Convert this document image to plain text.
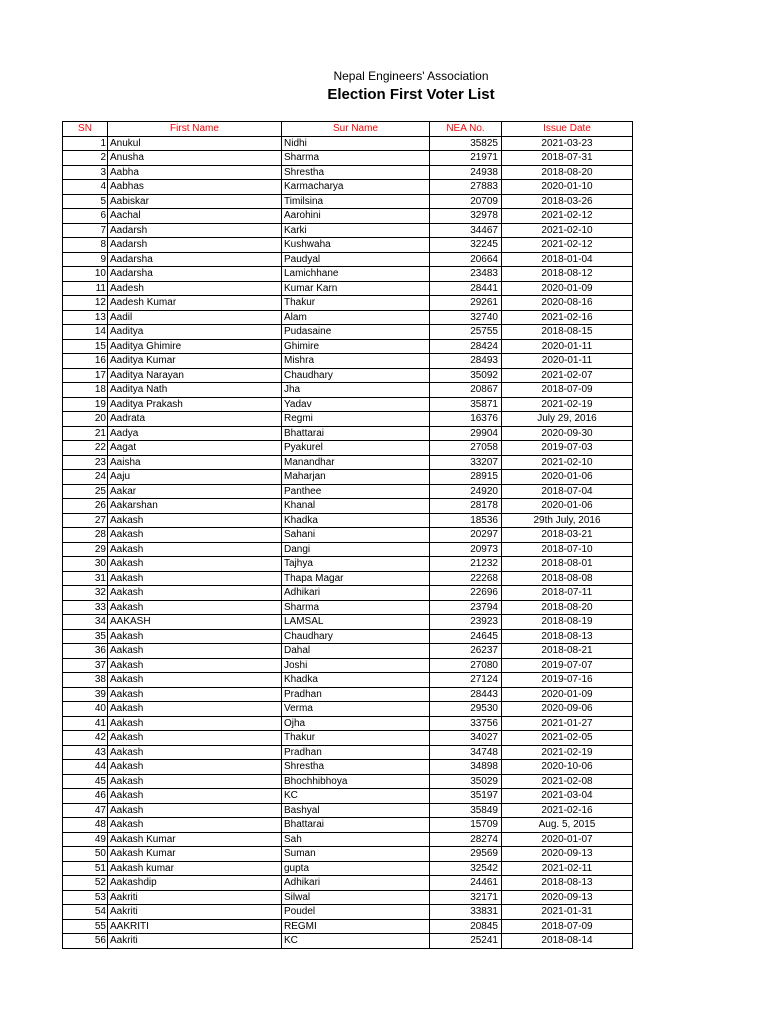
Nepal Engineers' Association
Election First Voter List
SN	First Name	Sur Name	NEA No.	Issue Date
1	Anukul	Nidhi	35825	2021-03-23
2	Anusha	Sharma	21971	2018-07-31
3	Aabha	Shrestha	24938	2018-08-20
4	Aabhas	Karmacharya	27883	2020-01-10
5	Aabiskar	Timilsina	20709	2018-03-26
6	Aachal	Aarohini	32978	2021-02-12
7	Aadarsh	Karki	34467	2021-02-10
8	Aadarsh	Kushwaha	32245	2021-02-12
9	Aadarsha	Paudyal	20664	2018-01-04
10	Aadarsha	Lamichhane	23483	2018-08-12
11	Aadesh	Kumar Karn	28441	2020-01-09
12	Aadesh Kumar	Thakur	29261	2020-08-16
13	Aadil	Alam	32740	2021-02-16
14	Aaditya	Pudasaine	25755	2018-08-15
15	Aaditya Ghimire	Ghimire	28424	2020-01-11
16	Aaditya Kumar	Mishra	28493	2020-01-11
17	Aaditya Narayan	Chaudhary	35092	2021-02-07
18	Aaditya Nath	Jha	20867	2018-07-09
19	Aaditya Prakash	Yadav	35871	2021-02-19
20	Aadrata	Regmi	16376	July 29, 2016
21	Aadya	Bhattarai	29904	2020-09-30
22	Aagat	Pyakurel	27058	2019-07-03
23	Aaisha	Manandhar	33207	2021-02-10
24	Aaju	Maharjan	28915	2020-01-06
25	Aakar	Panthee	24920	2018-07-04
26	Aakarshan	Khanal	28178	2020-01-06
27	Aakash	Khadka	18536	29th July, 2016
28	Aakash	Sahani	20297	2018-03-21
29	Aakash	Dangi	20973	2018-07-10
30	Aakash	Tajhya	21232	2018-08-01
31	Aakash	Thapa Magar	22268	2018-08-08
32	Aakash	Adhikari	22696	2018-07-11
33	Aakash	Sharma	23794	2018-08-20
34	AAKASH	LAMSAL	23923	2018-08-19
35	Aakash	Chaudhary	24645	2018-08-13
36	Aakash	Dahal	26237	2018-08-21
37	Aakash	Joshi	27080	2019-07-07
38	Aakash	Khadka	27124	2019-07-16
39	Aakash	Pradhan	28443	2020-01-09
40	Aakash	Verma	29530	2020-09-06
41	Aakash	Ojha	33756	2021-01-27
42	Aakash	Thakur	34027	2021-02-05
43	Aakash	Pradhan	34748	2021-02-19
44	Aakash	Shrestha	34898	2020-10-06
45	Aakash	Bhochhibhoya	35029	2021-02-08
46	Aakash	KC	35197	2021-03-04
47	Aakash	Bashyal	35849	2021-02-16
48	Aakash	Bhattarai	15709	Aug. 5, 2015
49	Aakash Kumar	Sah	28274	2020-01-07
50	Aakash Kumar	Suman	29569	2020-09-13
51	Aakash kumar	gupta	32542	2021-02-11
52	Aakashdip	Adhikari	24461	2018-08-13
53	Aakriti	Silwal	32171	2020-09-13
54	Aakriti	Poudel	33831	2021-01-31
55	AAKRITI	REGMI	20845	2018-07-09
56	Aakriti	KC	25241	2018-08-14
